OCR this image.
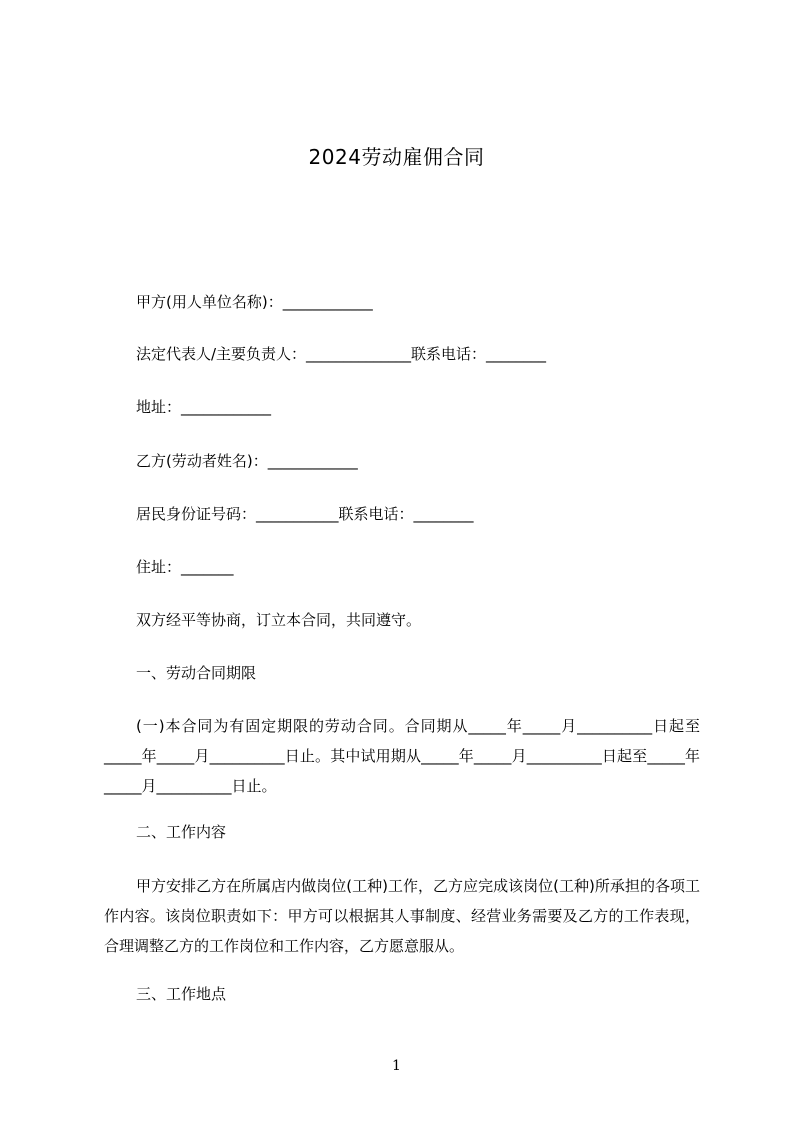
2024劳动雇佣合同
甲方(用人单位名称)：____________
法定代表人/主要负责人：______________联系电话：________
地址：____________
乙方(劳动者姓名)：____________
居民身份证号码：___________联系电话：________
住址：_______
双方经平等协商，订立本合同，共同遵守。
一、劳动合同期限
(一)本合同为有固定期限的劳动合同。合同期从_____年_____月__________日起至_____年_____月__________日止。其中试用期从_____年_____月__________日起至_____年_____月__________日止。
二、工作内容
甲方安排乙方在所属店内做岗位(工种)工作，乙方应完成该岗位(工种)所承担的各项工作内容。该岗位职责如下：甲方可以根据其人事制度、经营业务需要及乙方的工作表现，合理调整乙方的工作岗位和工作内容，乙方愿意服从。
三、工作地点
1
